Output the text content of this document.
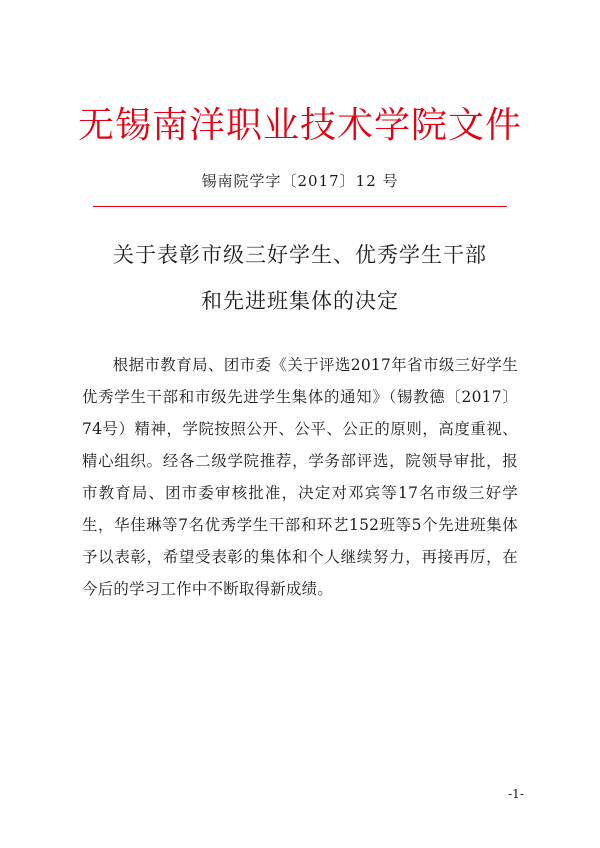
无锡南洋职业技术学院文件
锡南院学字〔2017〕12 号
关于表彰市级三好学生、优秀学生干部
和先进班集体的决定

根据市教育局、团市委《关于评选2017年省市级三好学生优秀学生干部和市级先进学生集体的通知》（锡教德〔2017〕74号）精神，学院按照公开、公平、公正的原则，高度重视、精心组织。经各二级学院推荐，学务部评选，院领导审批，报市教育局、团市委审核批准，决定对邓宾等17名市级三好学生，华佳琳等7名优秀学生干部和环艺152班等5个先进班集体予以表彰，希望受表彰的集体和个人继续努力，再接再厉，在今后的学习工作中不断取得新成绩。

-1-
